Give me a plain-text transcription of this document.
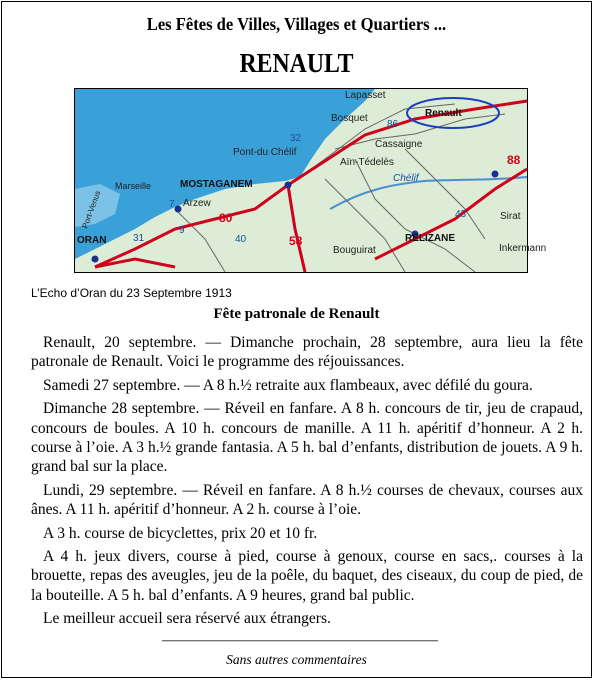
Les Fêtes de Villes, Villages et Quartiers ...
RENAULT
Lapasset
Renault
Bosquet
Cassaigne
Pont-du Chélif
Aïn-Tédelès
MOSTAGANEM
Chélif
Marseille
Port-Venus	Arzew
ORAN
Bouguirat
RELIZANE
Sirat
Inkermann
32
86
88
80
58
43
40
31
7
9
L’Echo d’Oran du 23 Septembre 1913
Fête patronale de Renault

Renault, 20 septembre. — Dimanche prochain, 28 septembre, aura lieu la fête patronale de Renault. Voici le programme des réjouissances.

Samedi 27 septembre. — A 8 h.½ retraite aux flambeaux, avec défilé du goura.

Dimanche 28 septembre. — Réveil en fanfare. A 8 h. concours de tir, jeu de crapaud, concours de boules. A 10 h. concours de manille. A 11 h. apéritif d’honneur. A 2 h. course à l’oie. A 3 h.½ grande fantasia. A 5 h. bal d’enfants, distribution de jouets. A 9 h. grand bal sur la place.

Lundi, 29 septembre. — Réveil en fanfare. A 8 h.½ courses de chevaux, courses aux ânes. A 11 h. apéritif d’honneur. A 2 h. course à l’oie.

A 3 h. course de bicyclettes, prix 20 et 10 fr.

A 4 h. jeux divers, course à pied, course à genoux, course en sacs,. courses à la brouette, repas des aveugles, jeu de la poêle, du baquet, des ciseaux, du coup de pied, de la bouteille. A 5 h. bal d’enfants. A 9 heures, grand bal public.

Le meilleur accueil sera réservé aux étrangers.

Sans autres commentaires
